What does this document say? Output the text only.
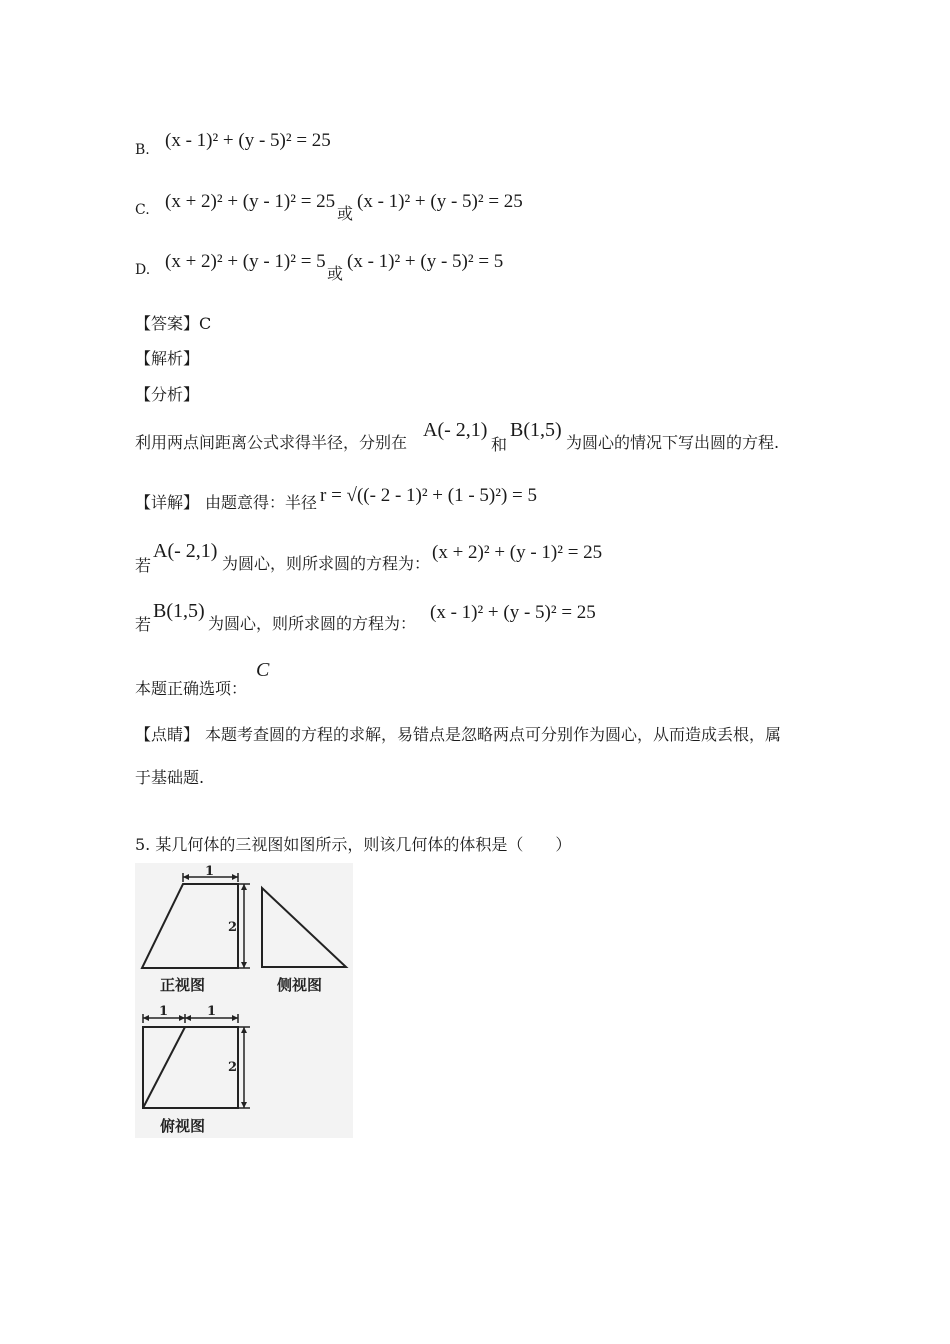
B. (x - 1)² + (y - 5)² = 25
C. (x + 2)² + (y - 1)² = 25
或
(x - 1)² + (y - 5)² = 25
D. (x + 2)² + (y - 1)² = 5
或
(x - 1)² + (y - 5)² = 5
【答案】C
【解析】
【分析】
利用两点间距离公式求得半径，分别在
A(- 2,1)
和
B(1,5)
为圆心的情况下写出圆的方程.
【详解】 由题意得：半径 r = √((- 2 - 1)² + (1 - 5)²) = 5
若
A(- 2,1)
为圆心，则所求圆的方程为：
(x + 2)² + (y - 1)² = 25
若
B(1,5)
为圆心，则所求圆的方程为：
(x - 1)² + (y - 5)² = 25
本题正确选项：
C
【点睛】 本题考查圆的方程的求解，易错点是忽略两点可分别作为圆心，从而造成丢根，属
于基础题.
5. 某几何体的三视图如图所示，则该几何体的体积是（　　）
1
2
正视图	侧视图
1	1
2
俯视图
